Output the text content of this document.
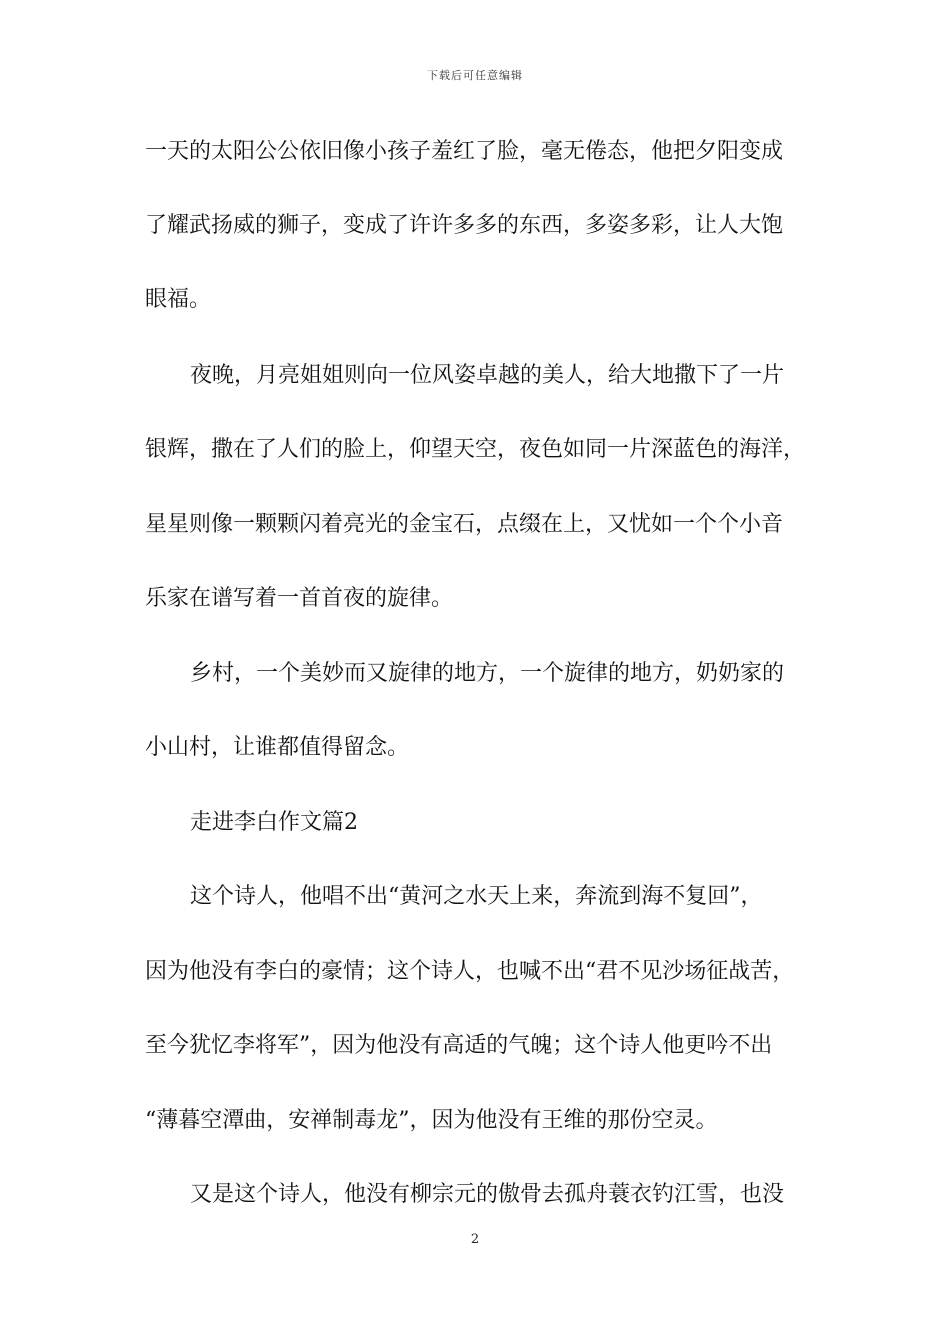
下载后可任意编辑
一天的太阳公公依旧像小孩子羞红了脸，毫无倦态，他把夕阳变成
了耀武扬威的狮子，变成了许许多多的东西，多姿多彩，让人大饱
眼福。
夜晚，月亮姐姐则向一位风姿卓越的美人，给大地撒下了一片
银辉，撒在了人们的脸上，仰望天空，夜色如同一片深蓝色的海洋，
星星则像一颗颗闪着亮光的金宝石，点缀在上，又忧如一个个小音
乐家在谱写着一首首夜的旋律。
乡村，一个美妙而又旋律的地方，一个旋律的地方，奶奶家的
小山村，让谁都值得留念。
走进李白作文篇2
这个诗人，他唱不出“黄河之水天上来，奔流到海不复回”，
因为他没有李白的豪情；这个诗人，也喊不出“君不见沙场征战苦，
至今犹忆李将军”，因为他没有高适的气魄；这个诗人他更吟不出
“薄暮空潭曲，安禅制毒龙”，因为他没有王维的那份空灵。
又是这个诗人，他没有柳宗元的傲骨去孤舟蓑衣钓江雪，也没
2
